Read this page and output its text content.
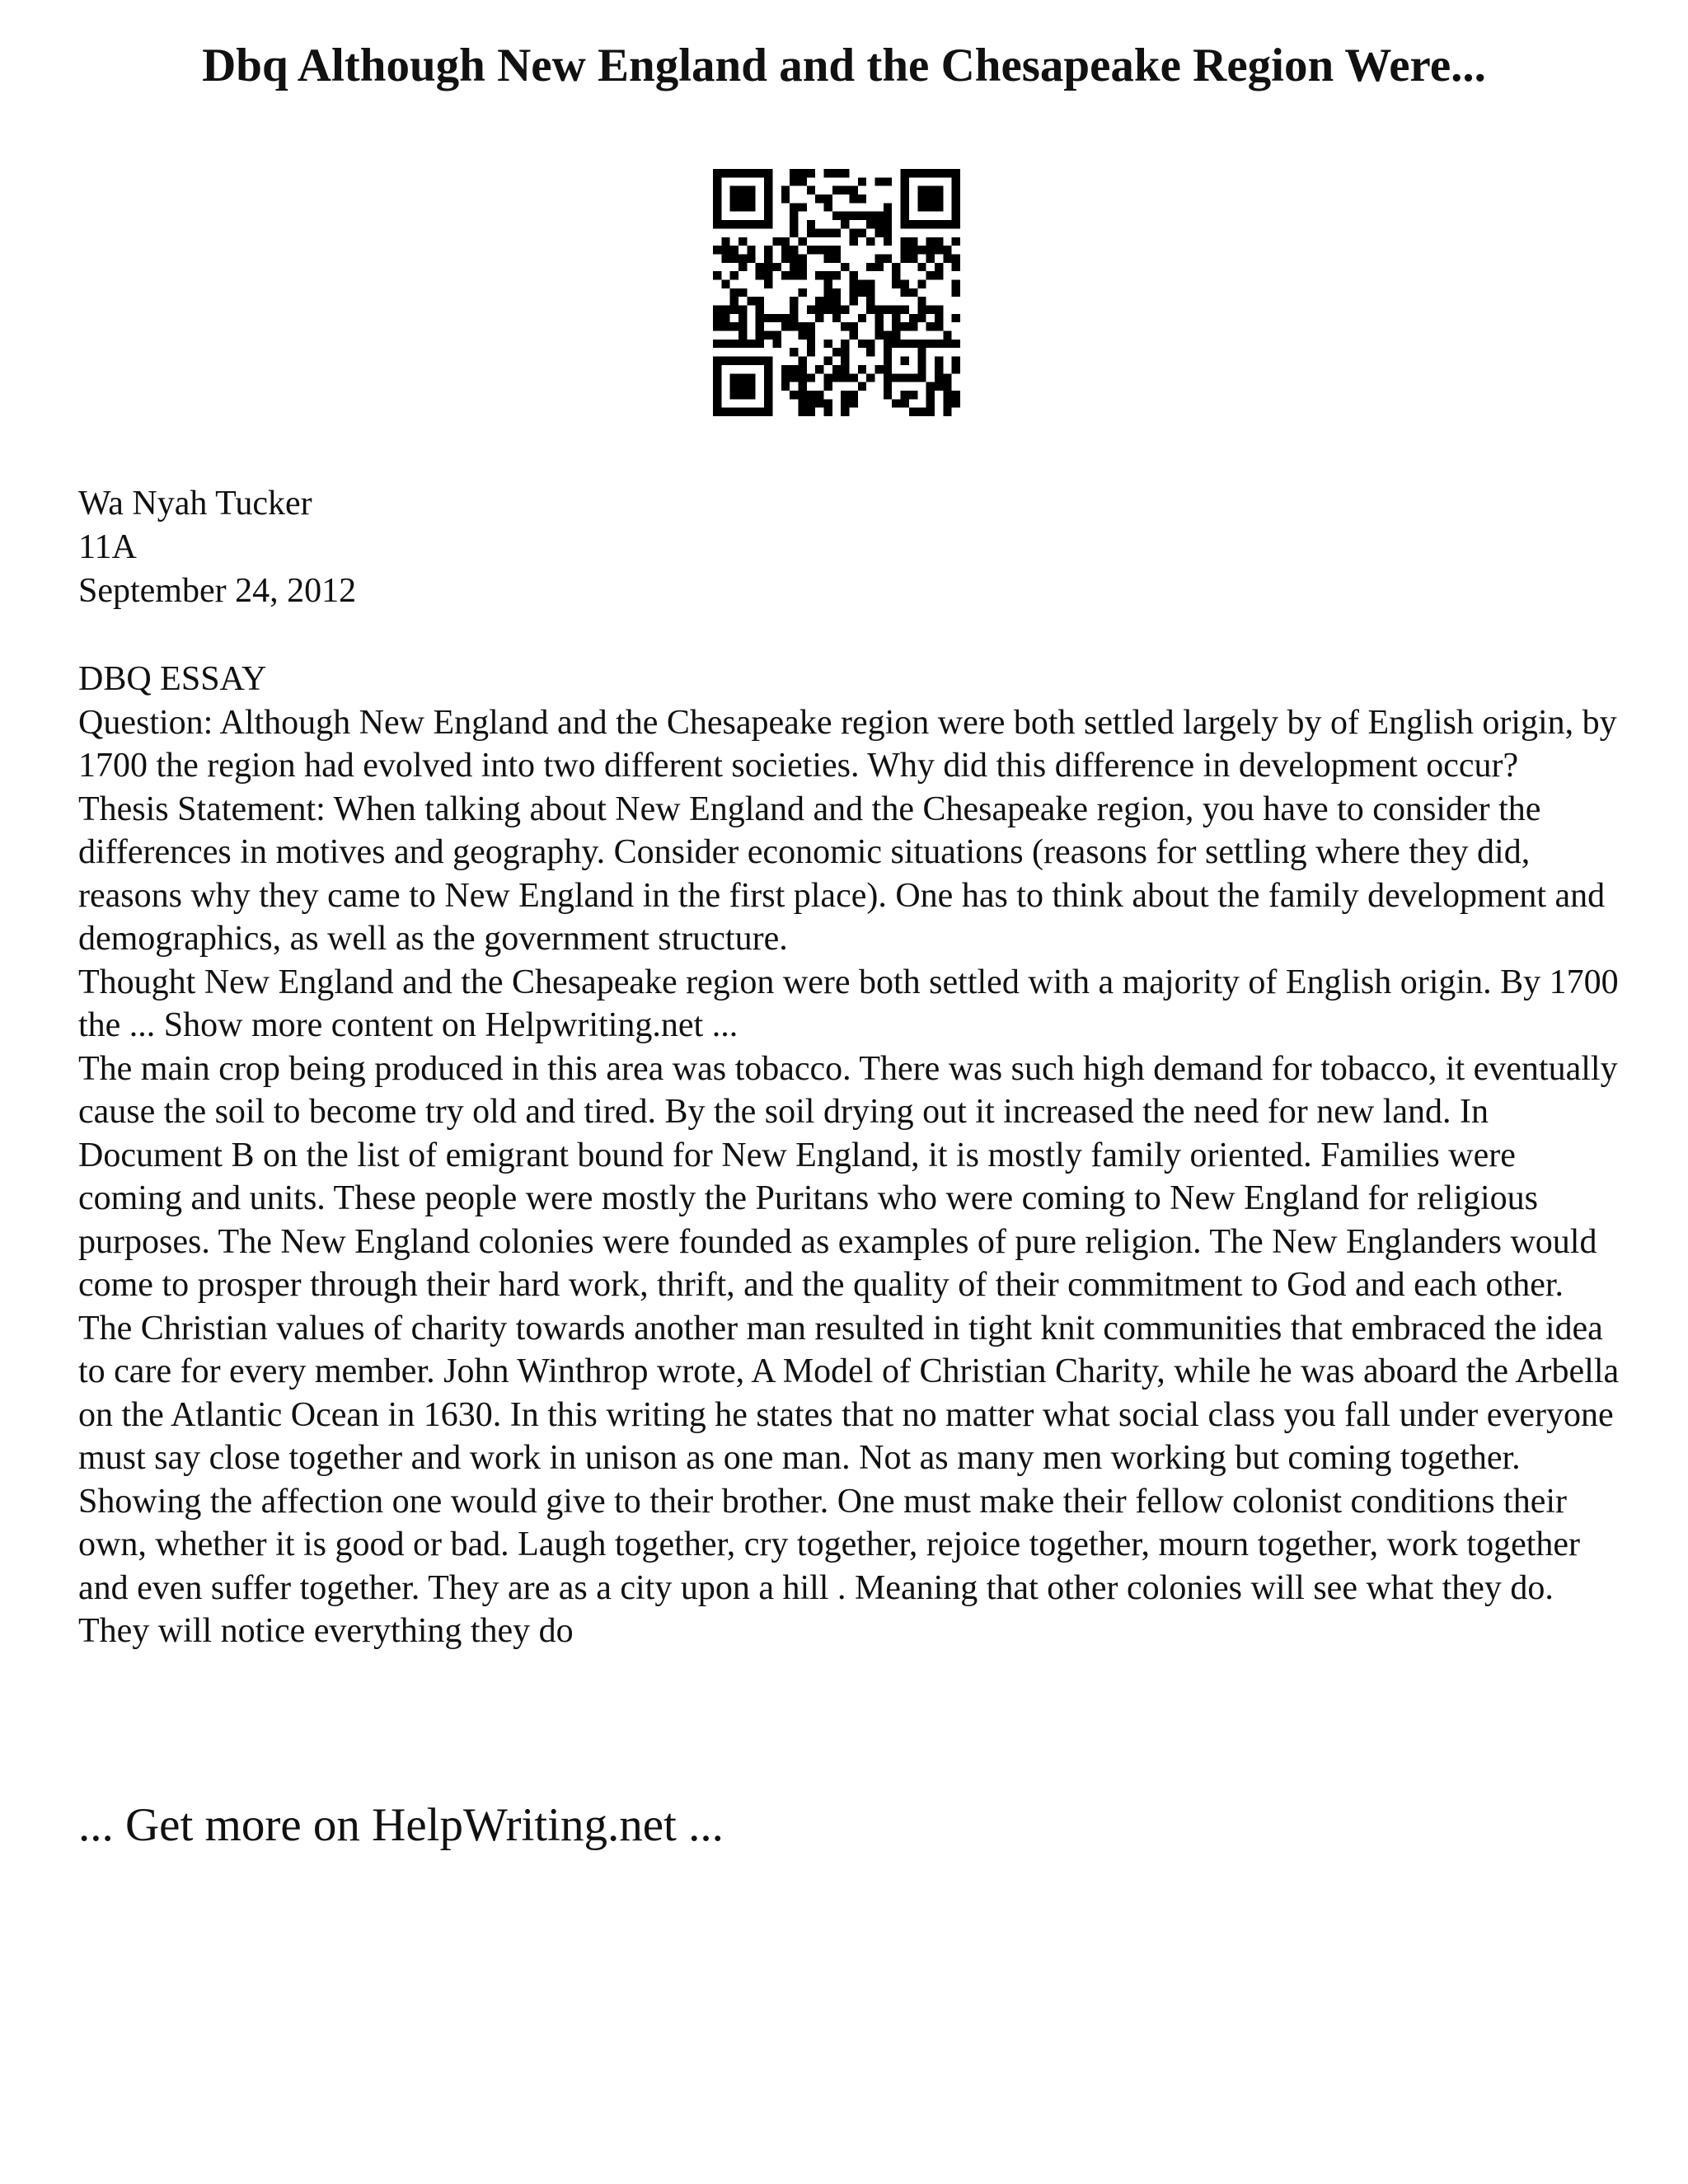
Dbq Although New England and the Chesapeake Region Were...
Wa Nyah Tucker
11A
September 24, 2012

DBQ ESSAY

Question: Although New England and the Chesapeake region were both settled largely by of English origin, by 1700 the region had evolved into two different societies. Why did this difference in development occur?

Thesis Statement: When talking about New England and the Chesapeake region, you have to consider the differences in motives and geography. Consider economic situations (reasons for settling where they did, reasons why they came to New England in the first place). One has to think about the family development and demographics, as well as the government structure.

Thought New England and the Chesapeake region were both settled with a majority of English origin. By 1700 the ... Show more content on Helpwriting.net ...

The main crop being produced in this area was tobacco. There was such high demand for tobacco, it eventually cause the soil to become try old and tired. By the soil drying out it increased the need for new land. In Document B on the list of emigrant bound for New England, it is mostly family oriented. Families were coming and units. These people were mostly the Puritans who were coming to New England for religious purposes. The New England colonies were founded as examples of pure religion. The New Englanders would come to prosper through their hard work, thrift, and the quality of their commitment to God and each other. The Christian values of charity towards another man resulted in tight knit communities that embraced the idea to care for every member. John Winthrop wrote, A Model of Christian Charity, while he was aboard the Arbella on the Atlantic Ocean in 1630. In this writing he states that no matter what social class you fall under everyone must say close together and work in unison as one man. Not as many men working but coming together. Showing the affection one would give to their brother. One must make their fellow colonist conditions their own, whether it is good or bad. Laugh together, cry together, rejoice together, mourn together, work together and even suffer together. They are as a city upon a hill . Meaning that other colonies will see what they do. They will notice everything they do

... Get more on HelpWriting.net ...
